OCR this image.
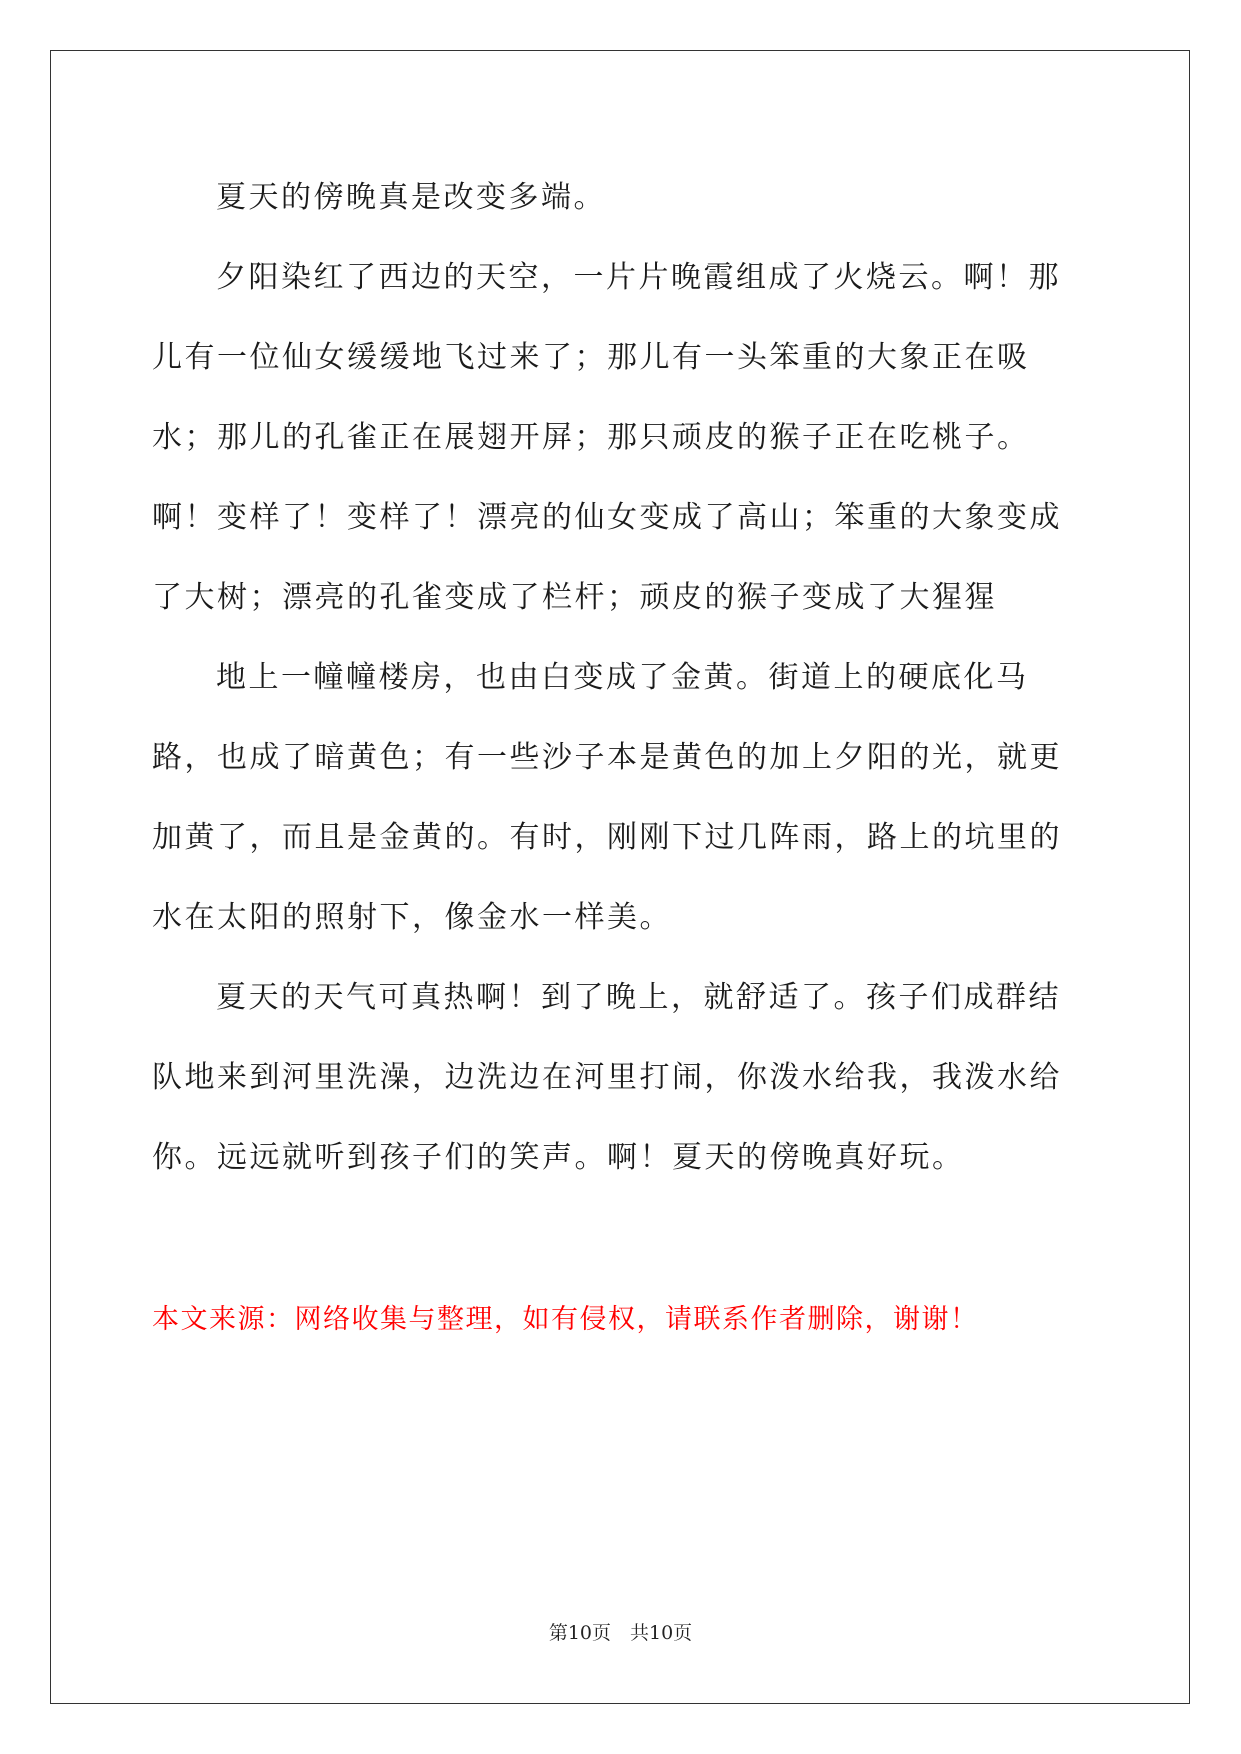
夏天的傍晚真是改变多端。

夕阳染红了西边的天空，一片片晚霞组成了火烧云。啊！那儿有一位仙女缓缓地飞过来了；那儿有一头笨重的大象正在吸水；那儿的孔雀正在展翅开屏；那只顽皮的猴子正在吃桃子。啊！变样了！变样了！漂亮的仙女变成了高山；笨重的大象变成了大树；漂亮的孔雀变成了栏杆；顽皮的猴子变成了大猩猩

地上一幢幢楼房，也由白变成了金黄。街道上的硬底化马路，也成了暗黄色；有一些沙子本是黄色的加上夕阳的光，就更加黄了，而且是金黄的。有时，刚刚下过几阵雨，路上的坑里的水在太阳的照射下，像金水一样美。

夏天的天气可真热啊！到了晚上，就舒适了。孩子们成群结队地来到河里洗澡，边洗边在河里打闹，你泼水给我，我泼水给你。远远就听到孩子们的笑声。啊！夏天的傍晚真好玩。

本文来源：网络收集与整理，如有侵权，请联系作者删除，谢谢！
第10页　共10页
